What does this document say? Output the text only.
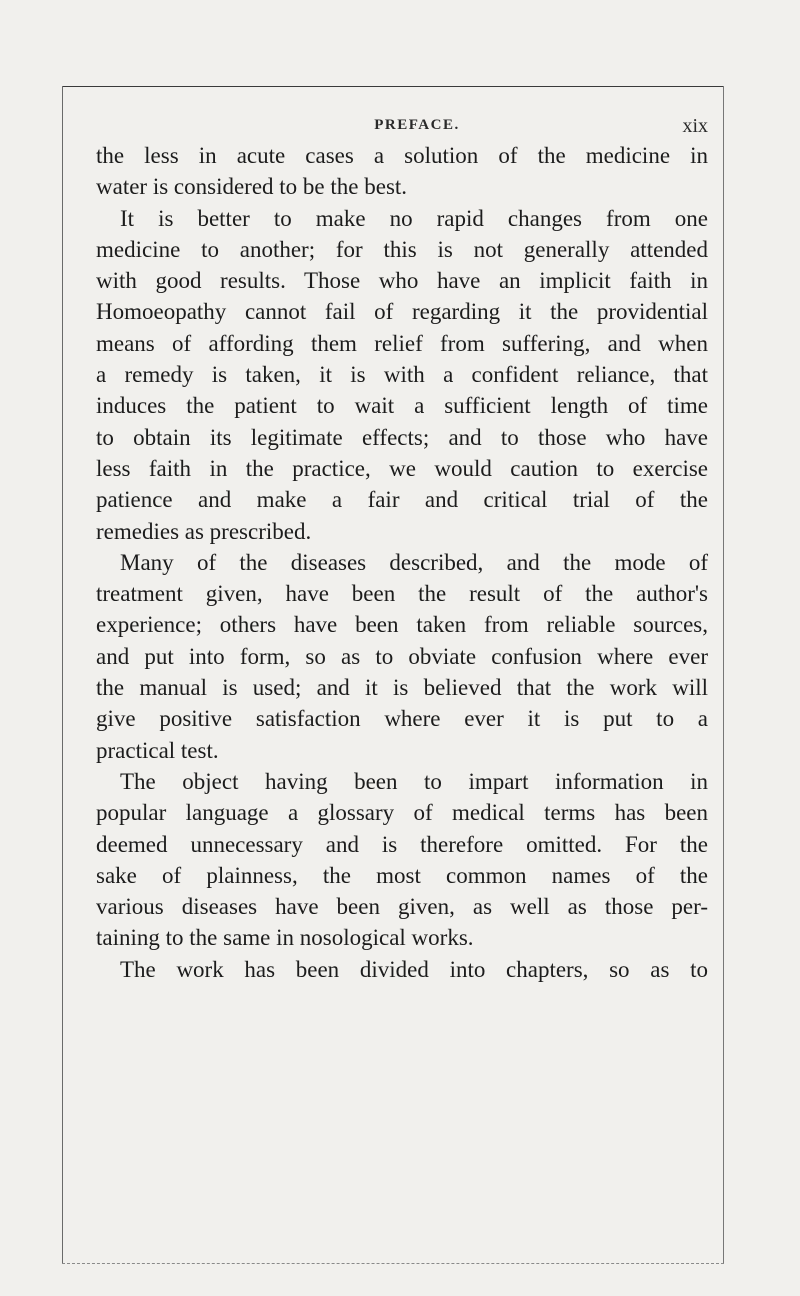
PREFACE.	xix
the less in acute cases a solution of the medicine in
water is considered to be the best.
It is better to make no rapid changes from one
medicine to another; for this is not generally attended
with good results. Those who have an implicit faith in
Homoeopathy cannot fail of regarding it the providential
means of affording them relief from suffering, and when
a remedy is taken, it is with a confident reliance, that
induces the patient to wait a sufficient length of time
to obtain its legitimate effects; and to those who have
less faith in the practice, we would caution to exercise
patience and make a fair and critical trial of the
remedies as prescribed.
Many of the diseases described, and the mode of
treatment given, have been the result of the author's
experience; others have been taken from reliable sources,
and put into form, so as to obviate confusion where ever
the manual is used; and it is believed that the work will
give positive satisfaction where ever it is put to a
practical test.
The object having been to impart information in
popular language a glossary of medical terms has been
deemed unnecessary and is therefore omitted. For the
sake of plainness, the most common names of the
various diseases have been given, as well as those per-
taining to the same in nosological works.
The work has been divided into chapters, so as to
